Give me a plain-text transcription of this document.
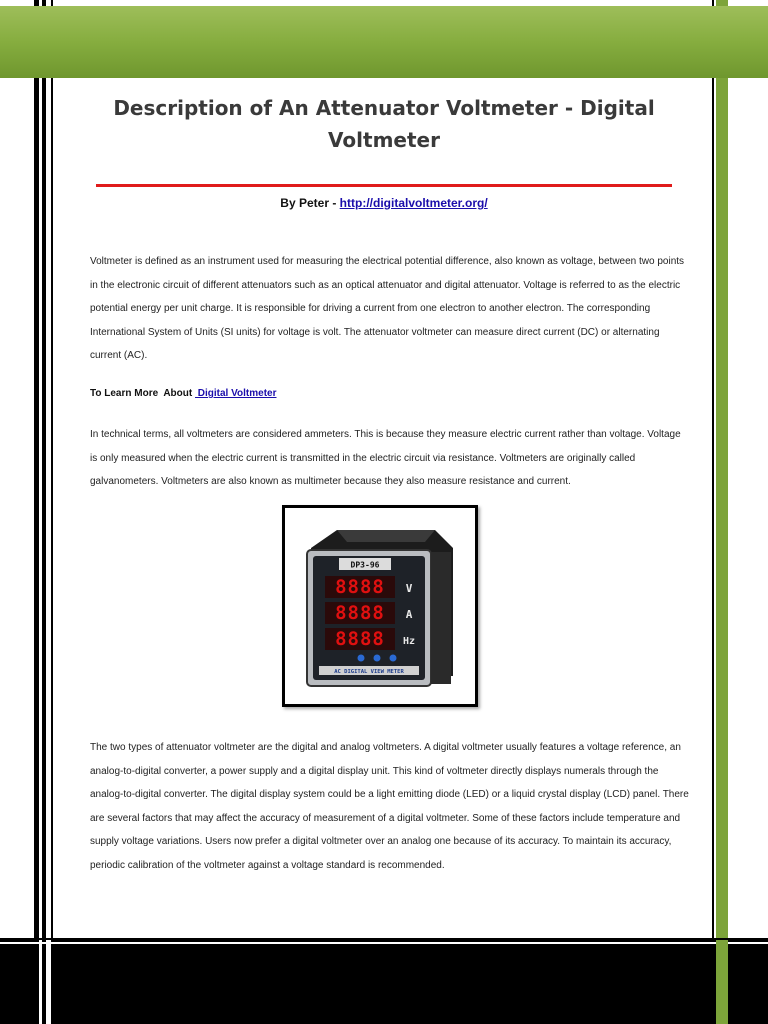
Description of An Attenuator Voltmeter - Digital Voltmeter
By Peter - http://digitalvoltmeter.org/
Voltmeter is defined as an instrument used for measuring the electrical potential difference, also known as voltage, between two points in the electronic circuit of different attenuators such as an optical attenuator and digital attenuator. Voltage is referred to as the electric potential energy per unit charge. It is responsible for driving a current from one electron to another electron. The corresponding International System of Units (SI units) for voltage is volt. The attenuator voltmeter can measure direct current (DC) or alternating current (AC).
To Learn More  About  Digital Voltmeter
In technical terms, all voltmeters are considered ammeters. This is because they measure electric current rather than voltage. Voltage is only measured when the electric current is transmitted in the electric circuit via resistance. Voltmeters are originally called galvanometers. Voltmeters are also known as multimeter because they also measure resistance and current.
DP3-96
8888
8888
8888
V
A
Hz
AC DIGITAL VIEW METER
The two types of attenuator voltmeter are the digital and analog voltmeters. A digital voltmeter usually features a voltage reference, an analog-to-digital converter, a power supply and a digital display unit. This kind of voltmeter directly displays numerals through the analog-to-digital converter. The digital display system could be a light emitting diode (LED) or a liquid crystal display (LCD) panel. There are several factors that may affect the accuracy of measurement of a digital voltmeter. Some of these factors include temperature and supply voltage variations. Users now prefer a digital voltmeter over an analog one because of its accuracy. To maintain its accuracy, periodic calibration of the voltmeter against a voltage standard is recommended.
